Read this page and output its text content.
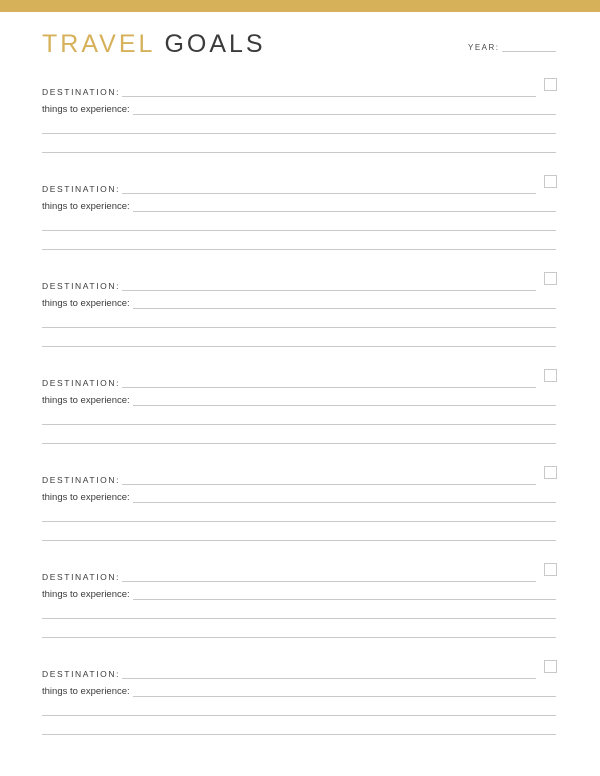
TRAVEL GOALS	YEAR:
DESTINATION:
things to experience:
DESTINATION:
things to experience:
DESTINATION:
things to experience:
DESTINATION:
things to experience:
DESTINATION:
things to experience:
DESTINATION:
things to experience:
DESTINATION:
things to experience:
